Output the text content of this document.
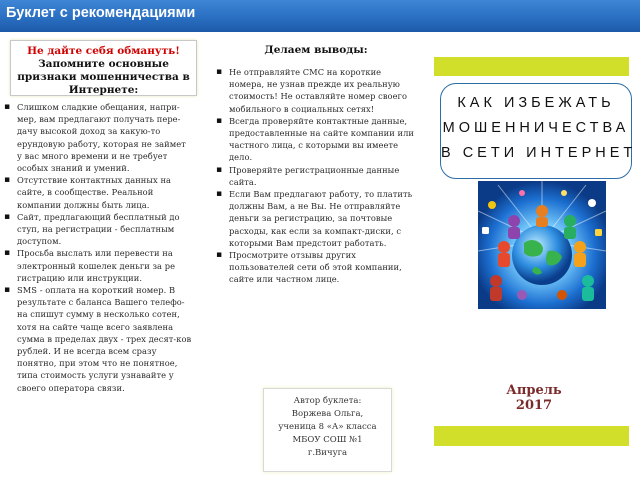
Буклет с рекомендациями
Не дайте себя обмануть!
Запомните основные признаки мошенничества в Интернете:
▪ Слишком сладкие обещания, напри-мер, вам предлагают получать пере-дачу высокой доход за какую-то ерундовую работу, которая не займет у вас много времени и не требует особых знаний и умений.
▪ Отсутствие контактных данных на сайте, в сообществе. Реальной компании должны быть лица.
▪ Сайт, предлагающий бесплатный до ступ, на регистрации - бесплатным доступом.
▪ Просьба выслать или перевести на электронный кошелек деньги за ре гистрацию или инструкции.
▪ SMS - оплата на короткий номер. В результате с баланса Вашего телефо-на спишут сумму в несколько сотен, хотя на сайте чаще всего заявлена сумма в пределах двух - трех десят-ков рублей. И не всегда всем сразу понятно, при этом что не понятное, типа стоимость услуги узнавайте у своего оператора связи.
Делаем выводы:
▪ Не отправляйте СМС на короткие номера, не узнав прежде их реальную стоимость! Не оставляйте номер своего мобильного в социальных сетях!
▪ Всегда проверяйте контактные данные, предоставленные на сайте компании или частного лица, с которыми вы имеете дело.
▪ Проверяйте регистрационные данные сайта.
▪ Если Вам предлагают работу, то платить должны Вам, а не Вы. Не отправляйте деньги за регистрацию, за почтовые расходы, как если за компакт-диски, с которыми Вам предстоит работать.
▪ Просмотрите отзывы других пользователей сети об этой компании, сайте или частном лице.
Автор буклета:
Воржева Ольга,
ученица 8 «А» класса
МБОУ СОШ №1
г.Вичуга
КАК ИЗБЕЖАТЬ
МОШЕННИЧЕСТВА
В СЕТИ ИНТЕРНЕТ
Апрель
2017
